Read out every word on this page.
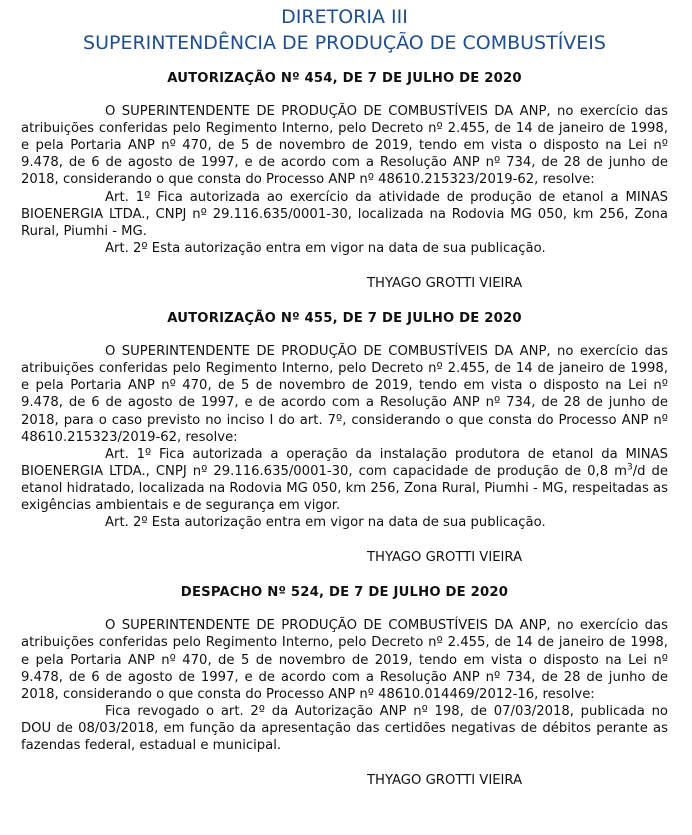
DIRETORIA III
SUPERINTENDÊNCIA DE PRODUÇÃO DE COMBUSTÍVEIS
AUTORIZAÇÃO Nº 454, DE 7 DE JULHO DE 2020

O SUPERINTENDENTE DE PRODUÇÃO DE COMBUSTÍVEIS DA ANP, no exercício das atribuições conferidas pelo Regimento Interno, pelo Decreto nº 2.455, de 14 de janeiro de 1998, e pela Portaria ANP nº 470, de 5 de novembro de 2019, tendo em vista o disposto na Lei nº 9.478, de 6 de agosto de 1997, e de acordo com a Resolução ANP nº 734, de 28 de junho de 2018, considerando o que consta do Processo ANP nº 48610.215323/2019-62, resolve:

Art. 1º Fica autorizada ao exercício da atividade de produção de etanol a MINAS BIOENERGIA LTDA., CNPJ nº 29.116.635/0001-30, localizada na Rodovia MG 050, km 256, Zona Rural, Piumhi - MG.

Art. 2º Esta autorização entra em vigor na data de sua publicação.

THYAGO GROTTI VIEIRA
AUTORIZAÇÃO Nº 455, DE 7 DE JULHO DE 2020

O SUPERINTENDENTE DE PRODUÇÃO DE COMBUSTÍVEIS DA ANP, no exercício das atribuições conferidas pelo Regimento Interno, pelo Decreto nº 2.455, de 14 de janeiro de 1998, e pela Portaria ANP nº 470, de 5 de novembro de 2019, tendo em vista o disposto na Lei nº 9.478, de 6 de agosto de 1997, e de acordo com a Resolução ANP nº 734, de 28 de junho de 2018, para o caso previsto no inciso I do art. 7º, considerando o que consta do Processo ANP nº 48610.215323/2019-62, resolve:

Art. 1º Fica autorizada a operação da instalação produtora de etanol da MINAS BIOENERGIA LTDA., CNPJ nº 29.116.635/0001-30, com capacidade de produção de 0,8 $m^3/d$ de etanol hidratado, localizada na Rodovia MG 050, km 256, Zona Rural, Piumhi - MG, respeitadas as exigências ambientais e de segurança em vigor.

Art. 2º Esta autorização entra em vigor na data de sua publicação.

THYAGO GROTTI VIEIRA
DESPACHO Nº 524, DE 7 DE JULHO DE 2020

O SUPERINTENDENTE DE PRODUÇÃO DE COMBUSTÍVEIS DA ANP, no exercício das atribuições conferidas pelo Regimento Interno, pelo Decreto nº 2.455, de 14 de janeiro de 1998, e pela Portaria ANP nº 470, de 5 de novembro de 2019, tendo em vista o disposto na Lei nº 9.478, de 6 de agosto de 1997, e de acordo com a Resolução ANP nº 734, de 28 de junho de 2018, considerando o que consta do Processo ANP nº 48610.014469/2012-16, resolve:

Fica revogado o art. 2º da Autorização ANP nº 198, de 07/03/2018, publicada no DOU de 08/03/2018, em função da apresentação das certidões negativas de débitos perante as fazendas federal, estadual e municipal.

THYAGO GROTTI VIEIRA
